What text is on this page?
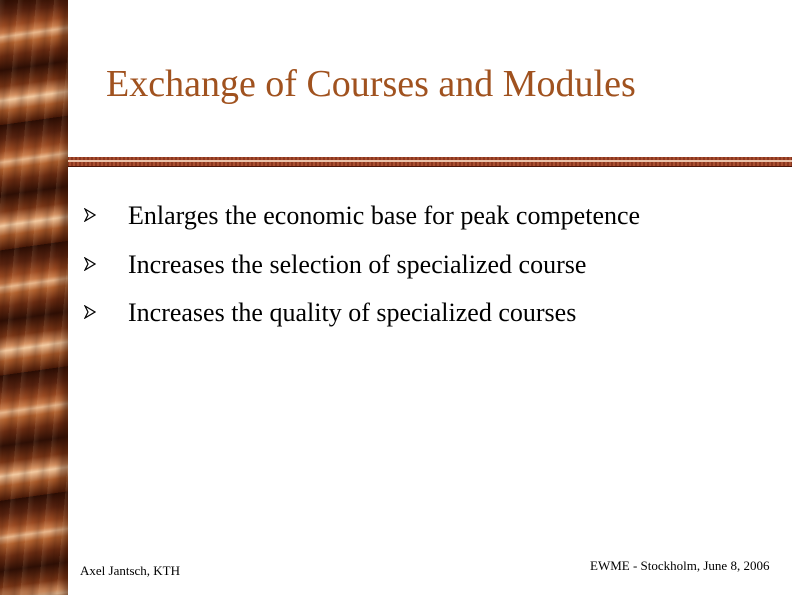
Exchange of Courses and Modules
Enlarges the economic base for peak competence
Increases the selection of specialized course
Increases the quality of specialized courses
Axel Jantsch, KTH	EWME - Stockholm, June 8, 2006
